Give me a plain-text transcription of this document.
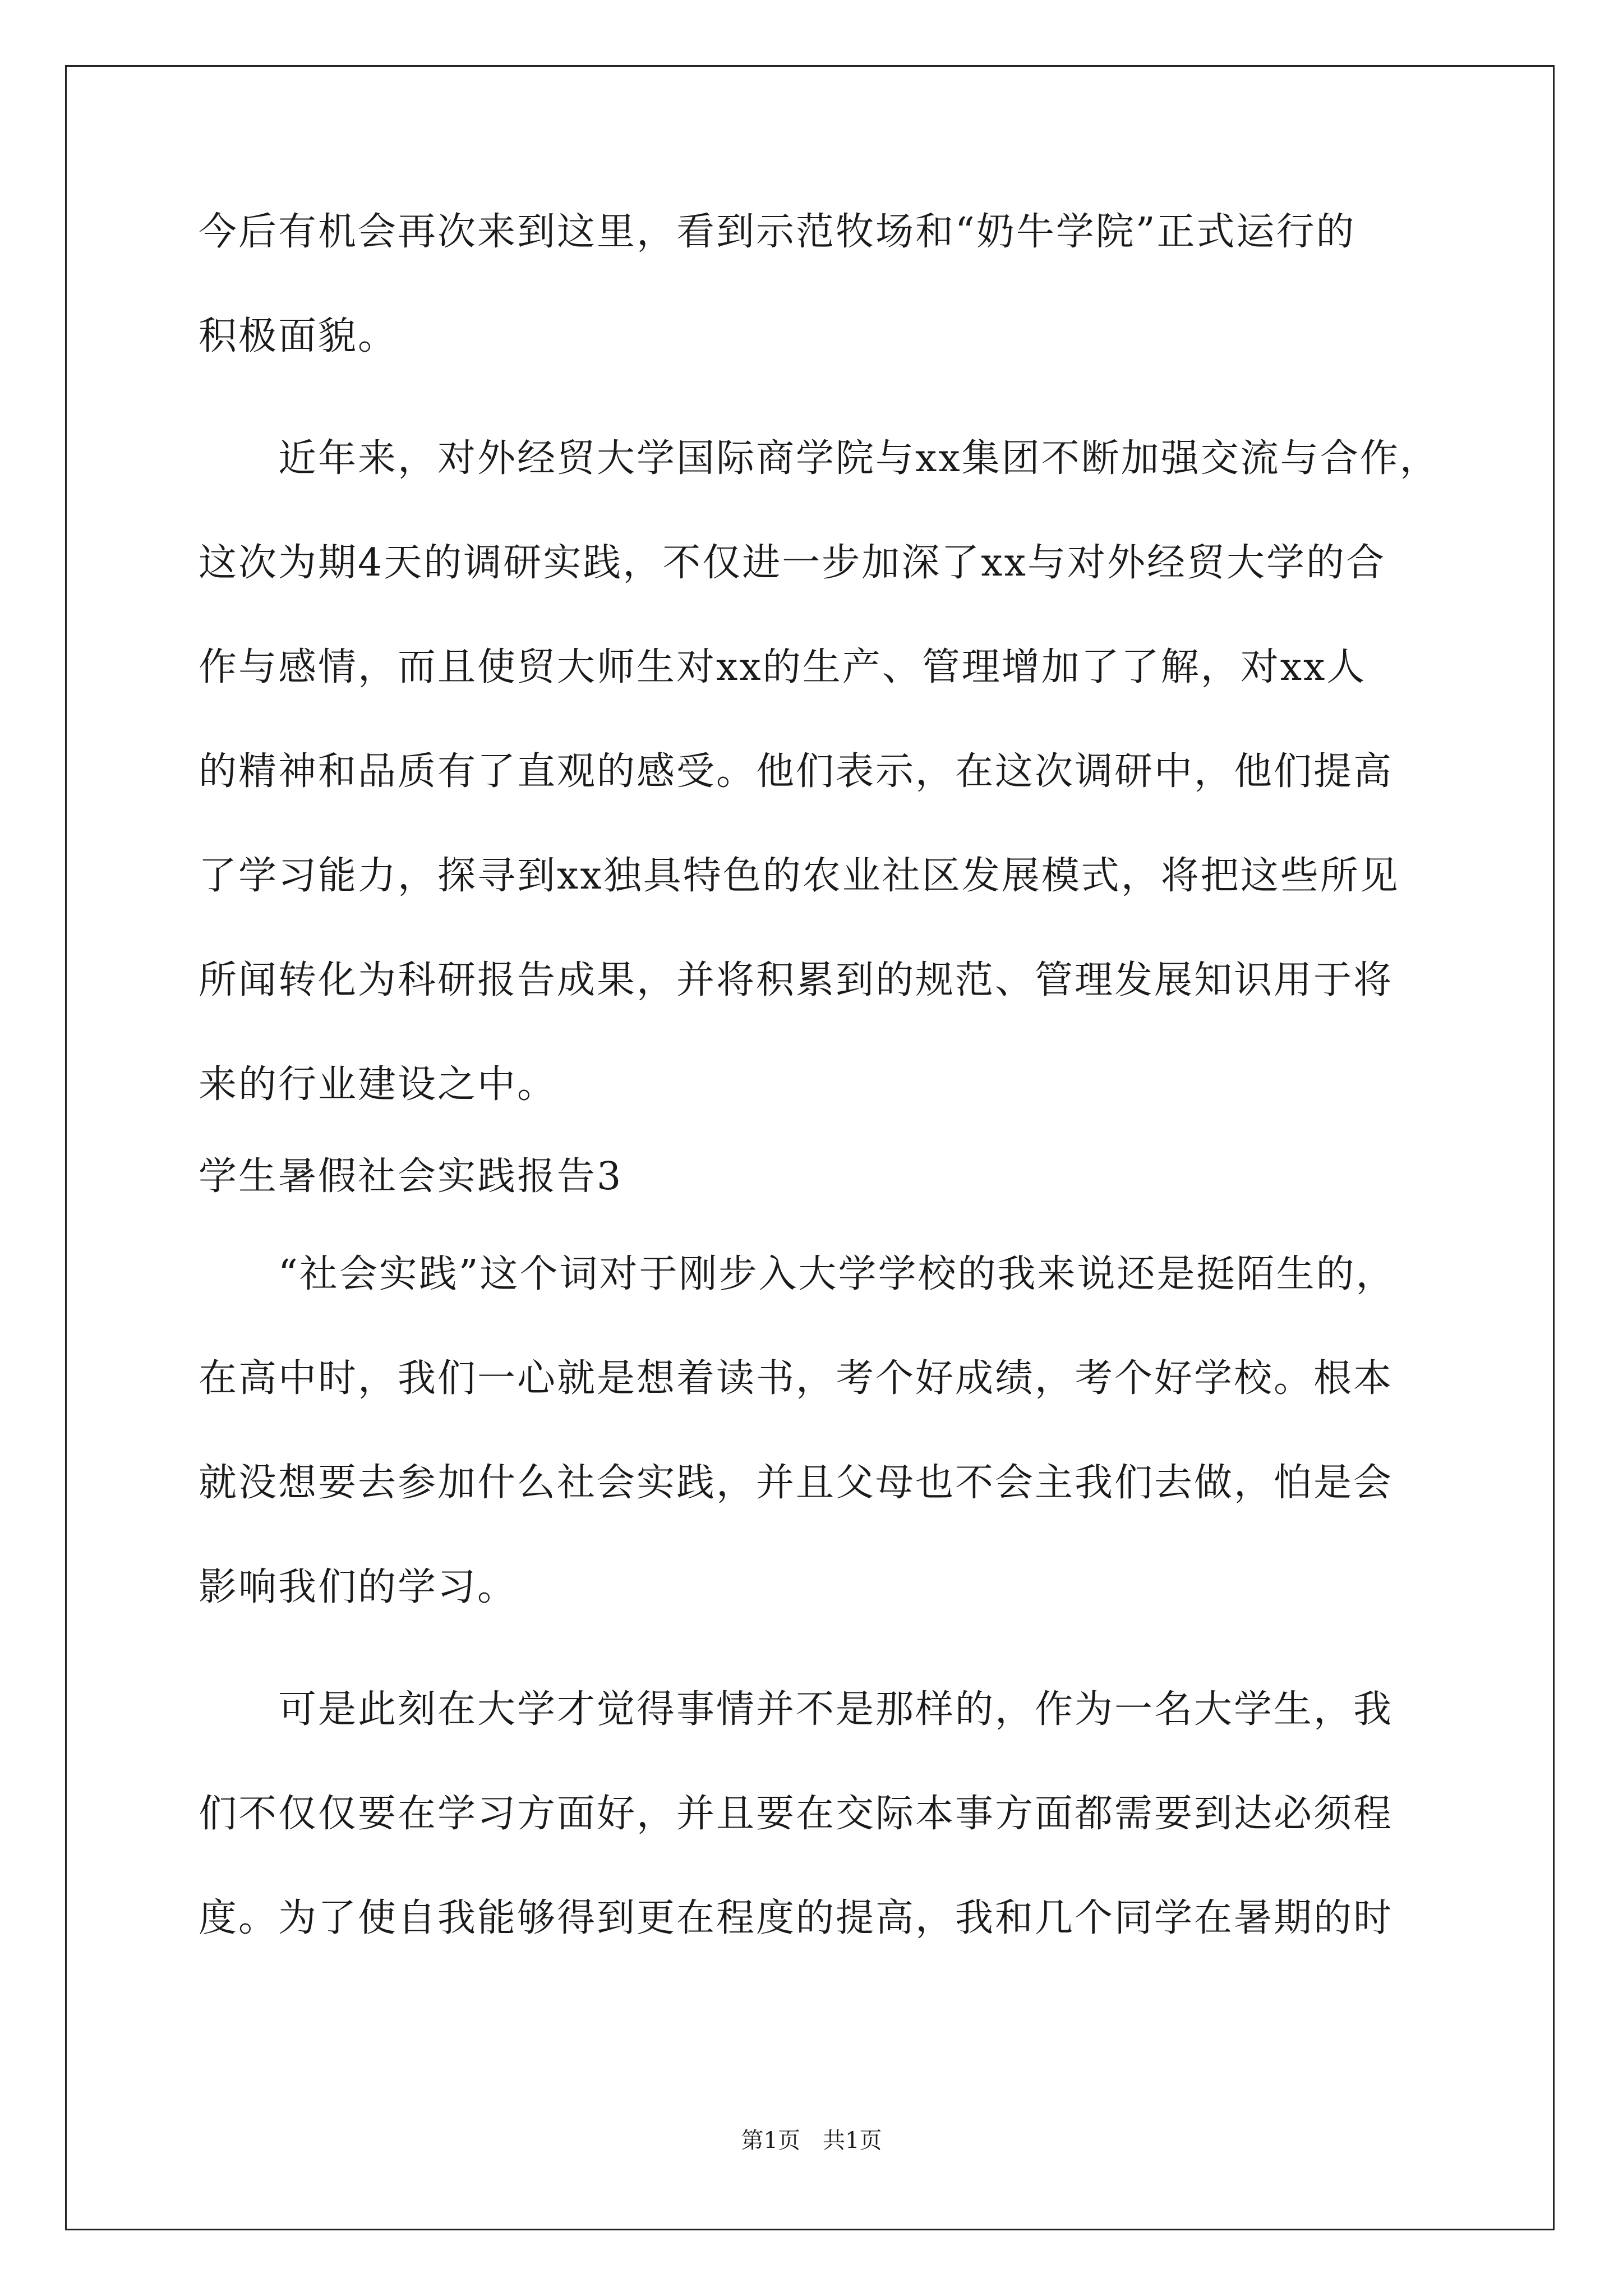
今后有机会再次来到这里，看到示范牧场和“奶牛学院”正式运行的
积极面貌。
　　近年来，对外经贸大学国际商学院与xx集团不断加强交流与合作，
这次为期4天的调研实践，不仅进一步加深了xx与对外经贸大学的合
作与感情，而且使贸大师生对xx的生产、管理增加了了解，对xx人
的精神和品质有了直观的感受。他们表示，在这次调研中，他们提高
了学习能力，探寻到xx独具特色的农业社区发展模式，将把这些所见
所闻转化为科研报告成果，并将积累到的规范、管理发展知识用于将
来的行业建设之中。
学生暑假社会实践报告3
　　“社会实践”这个词对于刚步入大学学校的我来说还是挺陌生的，
在高中时，我们一心就是想着读书，考个好成绩，考个好学校。根本
就没想要去参加什么社会实践，并且父母也不会主我们去做，怕是会
影响我们的学习。
　　可是此刻在大学才觉得事情并不是那样的，作为一名大学生，我
们不仅仅要在学习方面好，并且要在交际本事方面都需要到达必须程
度。为了使自我能够得到更在程度的提高，我和几个同学在暑期的时
第1页　共1页
